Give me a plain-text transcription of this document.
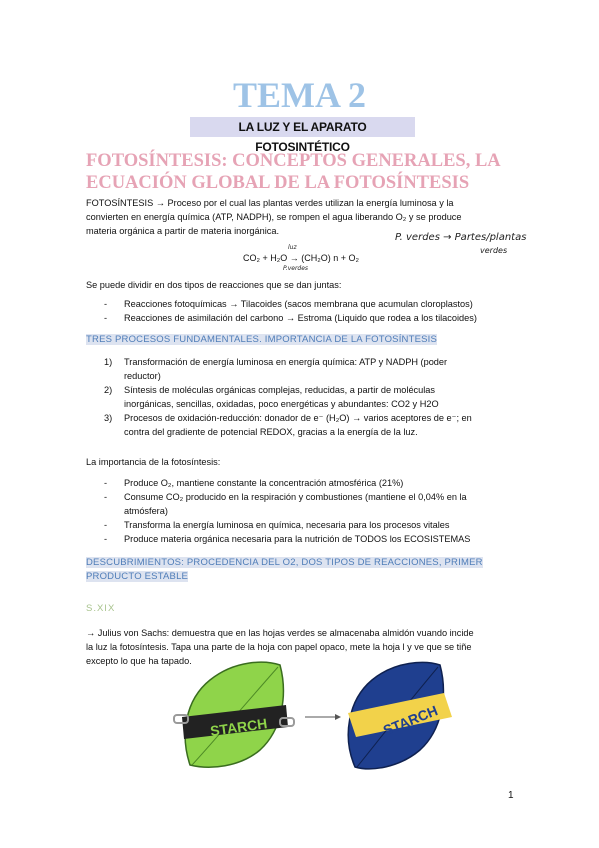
TEMA 2
LA LUZ Y EL APARATO FOTOSINTÉTICO
FOTOSÍNTESIS: CONCEPTOS GENERALES, LA ECUACIÓN GLOBAL DE LA FOTOSÍNTESIS
FOTOSÍNTESIS → Proceso por el cual las plantas verdes utilizan la energía luminosa y la
convierten en energía química (ATP, NADPH), se rompen el agua liberando O₂ y se produce
materia orgánica a partir de materia inorgánica.
luz
CO₂ + H₂O → (CH₂O) n + O₂
P.verdes
P. verdes → Partes/plantas
verdes
Se puede dividir en dos tipos de reacciones que se dan juntas:
- Reacciones fotoquímicas → Tilacoides (sacos membrana que acumulan cloroplastos)
- Reacciones de asimilación del carbono → Estroma (Liquido que rodea a los tilacoides)
TRES PROCESOS FUNDAMENTALES. IMPORTANCIA DE LA FOTOSÍNTESIS
1) Transformación de energía luminosa en energía química: ATP y NADPH (poder
reductor)
2) Síntesis de moléculas orgánicas complejas, reducidas, a partir de moléculas
inorgánicas, sencillas, oxidadas, poco energéticas y abundantes: CO2 y H2O
3) Procesos de oxidación-reducción: donador de e⁻ (H₂O) → varios aceptores de e⁻; en
contra del gradiente de potencial REDOX, gracias a la energía de la luz.
La importancia de la fotosíntesis:
- Produce O₂, mantiene constante la concentración atmosférica (21%)
- Consume CO₂ producido en la respiración y combustiones (mantiene el 0,04% en la
atmósfera)
- Transforma la energía luminosa en química, necesaria para los procesos vitales
- Produce materia orgánica necesaria para la nutrición de TODOS los ECOSISTEMAS
DESCUBRIMIENTOS: PROCEDENCIA DEL O2, DOS TIPOS DE REACCIONES, PRIMER
PRODUCTO ESTABLE
S.XIX
→ Julius von Sachs: demuestra que en las hojas verdes se almacenaba almidón vuando incide
la luz la fotosíntesis. Tapa una parte de la hoja con papel opaco, mete la hoja l y ve que se tiñe
excepto lo que ha tapado.
STARCH	STARCH
1
